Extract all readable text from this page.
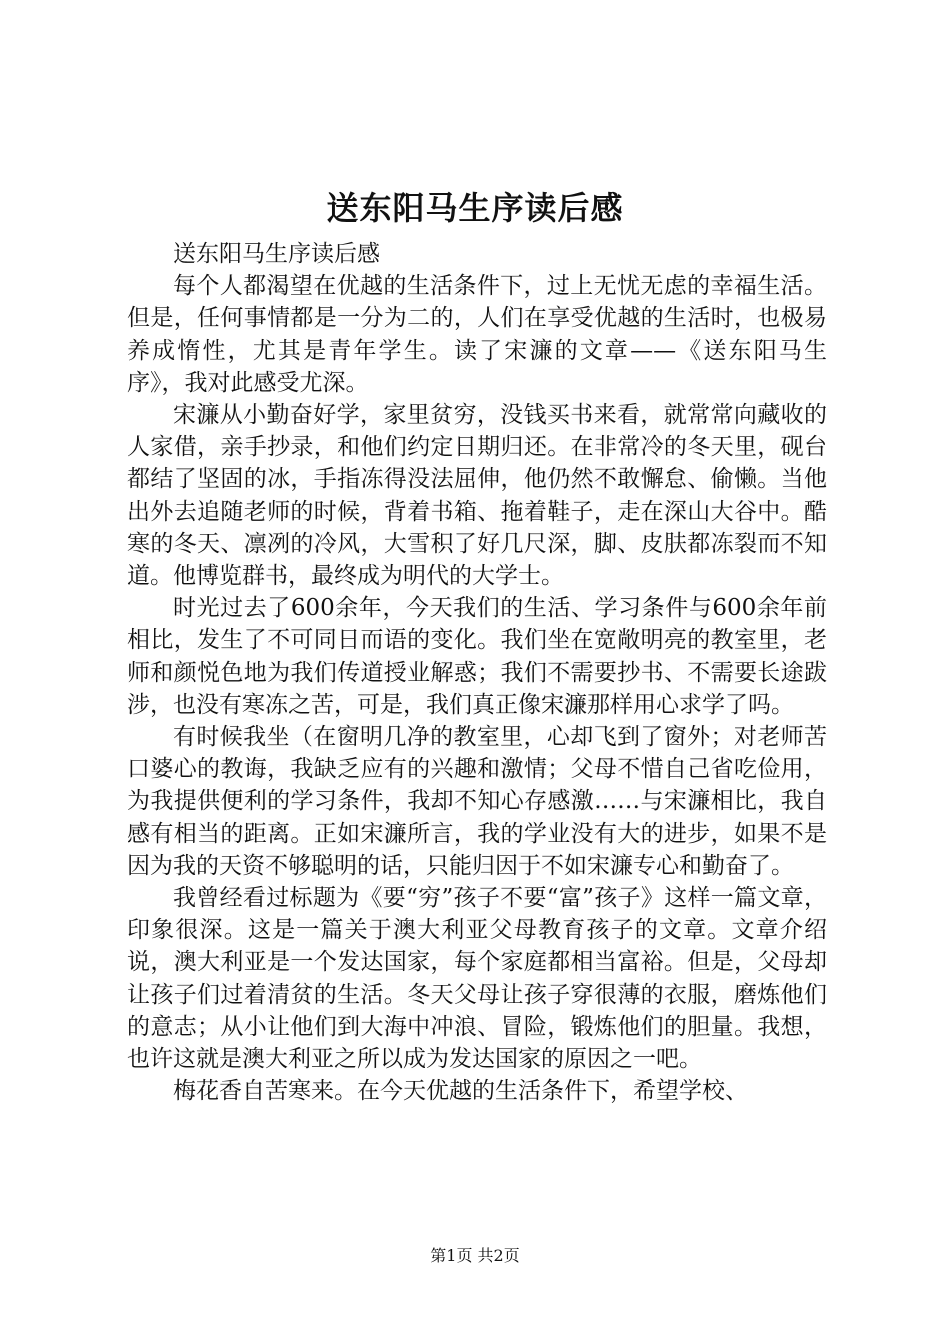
送东阳马生序读后感

送东阳马生序读后感

每个人都渴望在优越的生活条件下，过上无忧无虑的幸福生活。但是，任何事情都是一分为二的，人们在享受优越的生活时，也极易养成惰性，尤其是青年学生。读了宋濂的文章——《送东阳马生序》，我对此感受尤深。

宋濂从小勤奋好学，家里贫穷，没钱买书来看，就常常向藏收的人家借，亲手抄录，和他们约定日期归还。在非常冷的冬天里，砚台都结了坚固的冰，手指冻得没法屈伸，他仍然不敢懈怠、偷懒。当他出外去追随老师的时候，背着书箱、拖着鞋子，走在深山大谷中。酷寒的冬天、凛冽的冷风，大雪积了好几尺深，脚、皮肤都冻裂而不知道。他博览群书，最终成为明代的大学士。

时光过去了600余年，今天我们的生活、学习条件与600余年前相比，发生了不可同日而语的变化。我们坐在宽敞明亮的教室里，老师和颜悦色地为我们传道授业解惑；我们不需要抄书、不需要长途跋涉，也没有寒冻之苦，可是，我们真正像宋濂那样用心求学了吗。

有时候我坐（在窗明几净的教室里，心却飞到了窗外；对老师苦口婆心的教诲，我缺乏应有的兴趣和激情；父母不惜自己省吃俭用，为我提供便利的学习条件，我却不知心存感激……与宋濂相比，我自感有相当的距离。正如宋濂所言，我的学业没有大的进步，如果不是因为我的天资不够聪明的话，只能归因于不如宋濂专心和勤奋了。

我曾经看过标题为《要“穷”孩子不要“富”孩子》这样一篇文章，印象很深。这是一篇关于澳大利亚父母教育孩子的文章。文章介绍说，澳大利亚是一个发达国家，每个家庭都相当富裕。但是，父母却让孩子们过着清贫的生活。冬天父母让孩子穿很薄的衣服，磨炼他们的意志；从小让他们到大海中冲浪、冒险，锻炼他们的胆量。我想，也许这就是澳大利亚之所以成为发达国家的原因之一吧。

梅花香自苦寒来。在今天优越的生活条件下，希望学校、

第1页 共2页
